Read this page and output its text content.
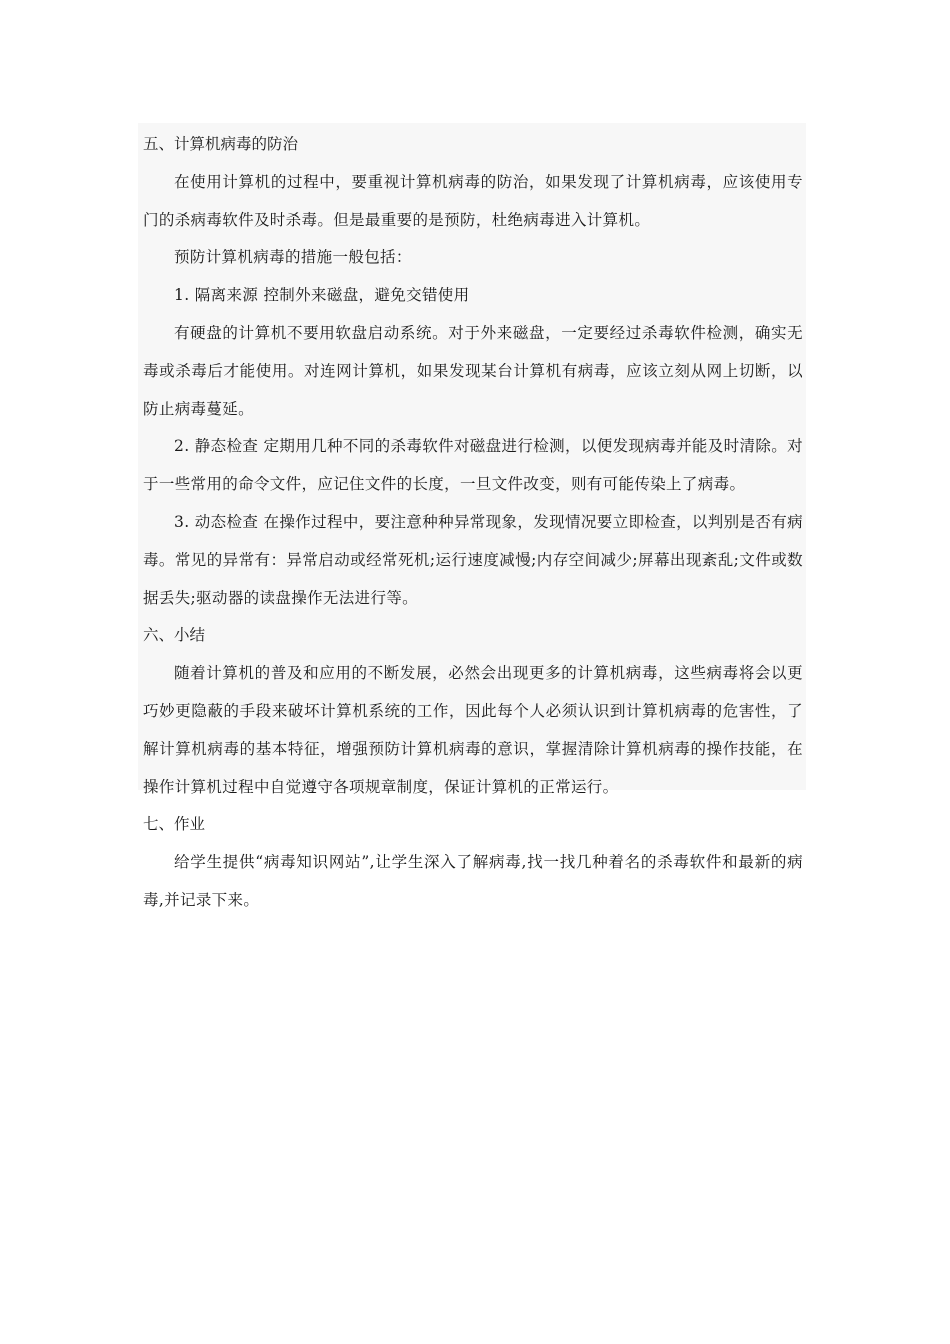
五、计算机病毒的防治

在使用计算机的过程中，要重视计算机病毒的防治，如果发现了计算机病毒，应该使用专门的杀病毒软件及时杀毒。但是最重要的是预防，杜绝病毒进入计算机。

预防计算机病毒的措施一般包括：

1. 隔离来源 控制外来磁盘，避免交错使用

有硬盘的计算机不要用软盘启动系统。对于外来磁盘，一定要经过杀毒软件检测，确实无毒或杀毒后才能使用。对连网计算机，如果发现某台计算机有病毒，应该立刻从网上切断，以防止病毒蔓延。

2. 静态检查 定期用几种不同的杀毒软件对磁盘进行检测，以便发现病毒并能及时清除。对于一些常用的命令文件，应记住文件的长度，一旦文件改变，则有可能传染上了病毒。

3. 动态检查 在操作过程中，要注意种种异常现象，发现情况要立即检查，以判别是否有病毒。常见的异常有：异常启动或经常死机;运行速度减慢;内存空间减少;屏幕出现紊乱;文件或数据丢失;驱动器的读盘操作无法进行等。

六、小结

随着计算机的普及和应用的不断发展，必然会出现更多的计算机病毒，这些病毒将会以更巧妙更隐蔽的手段来破坏计算机系统的工作，因此每个人必须认识到计算机病毒的危害性，了解计算机病毒的基本特征，增强预防计算机病毒的意识，掌握清除计算机病毒的操作技能，在操作计算机过程中自觉遵守各项规章制度，保证计算机的正常运行。

七、作业

给学生提供“病毒知识网站”,让学生深入了解病毒,找一找几种着名的杀毒软件和最新的病毒,并记录下来。
